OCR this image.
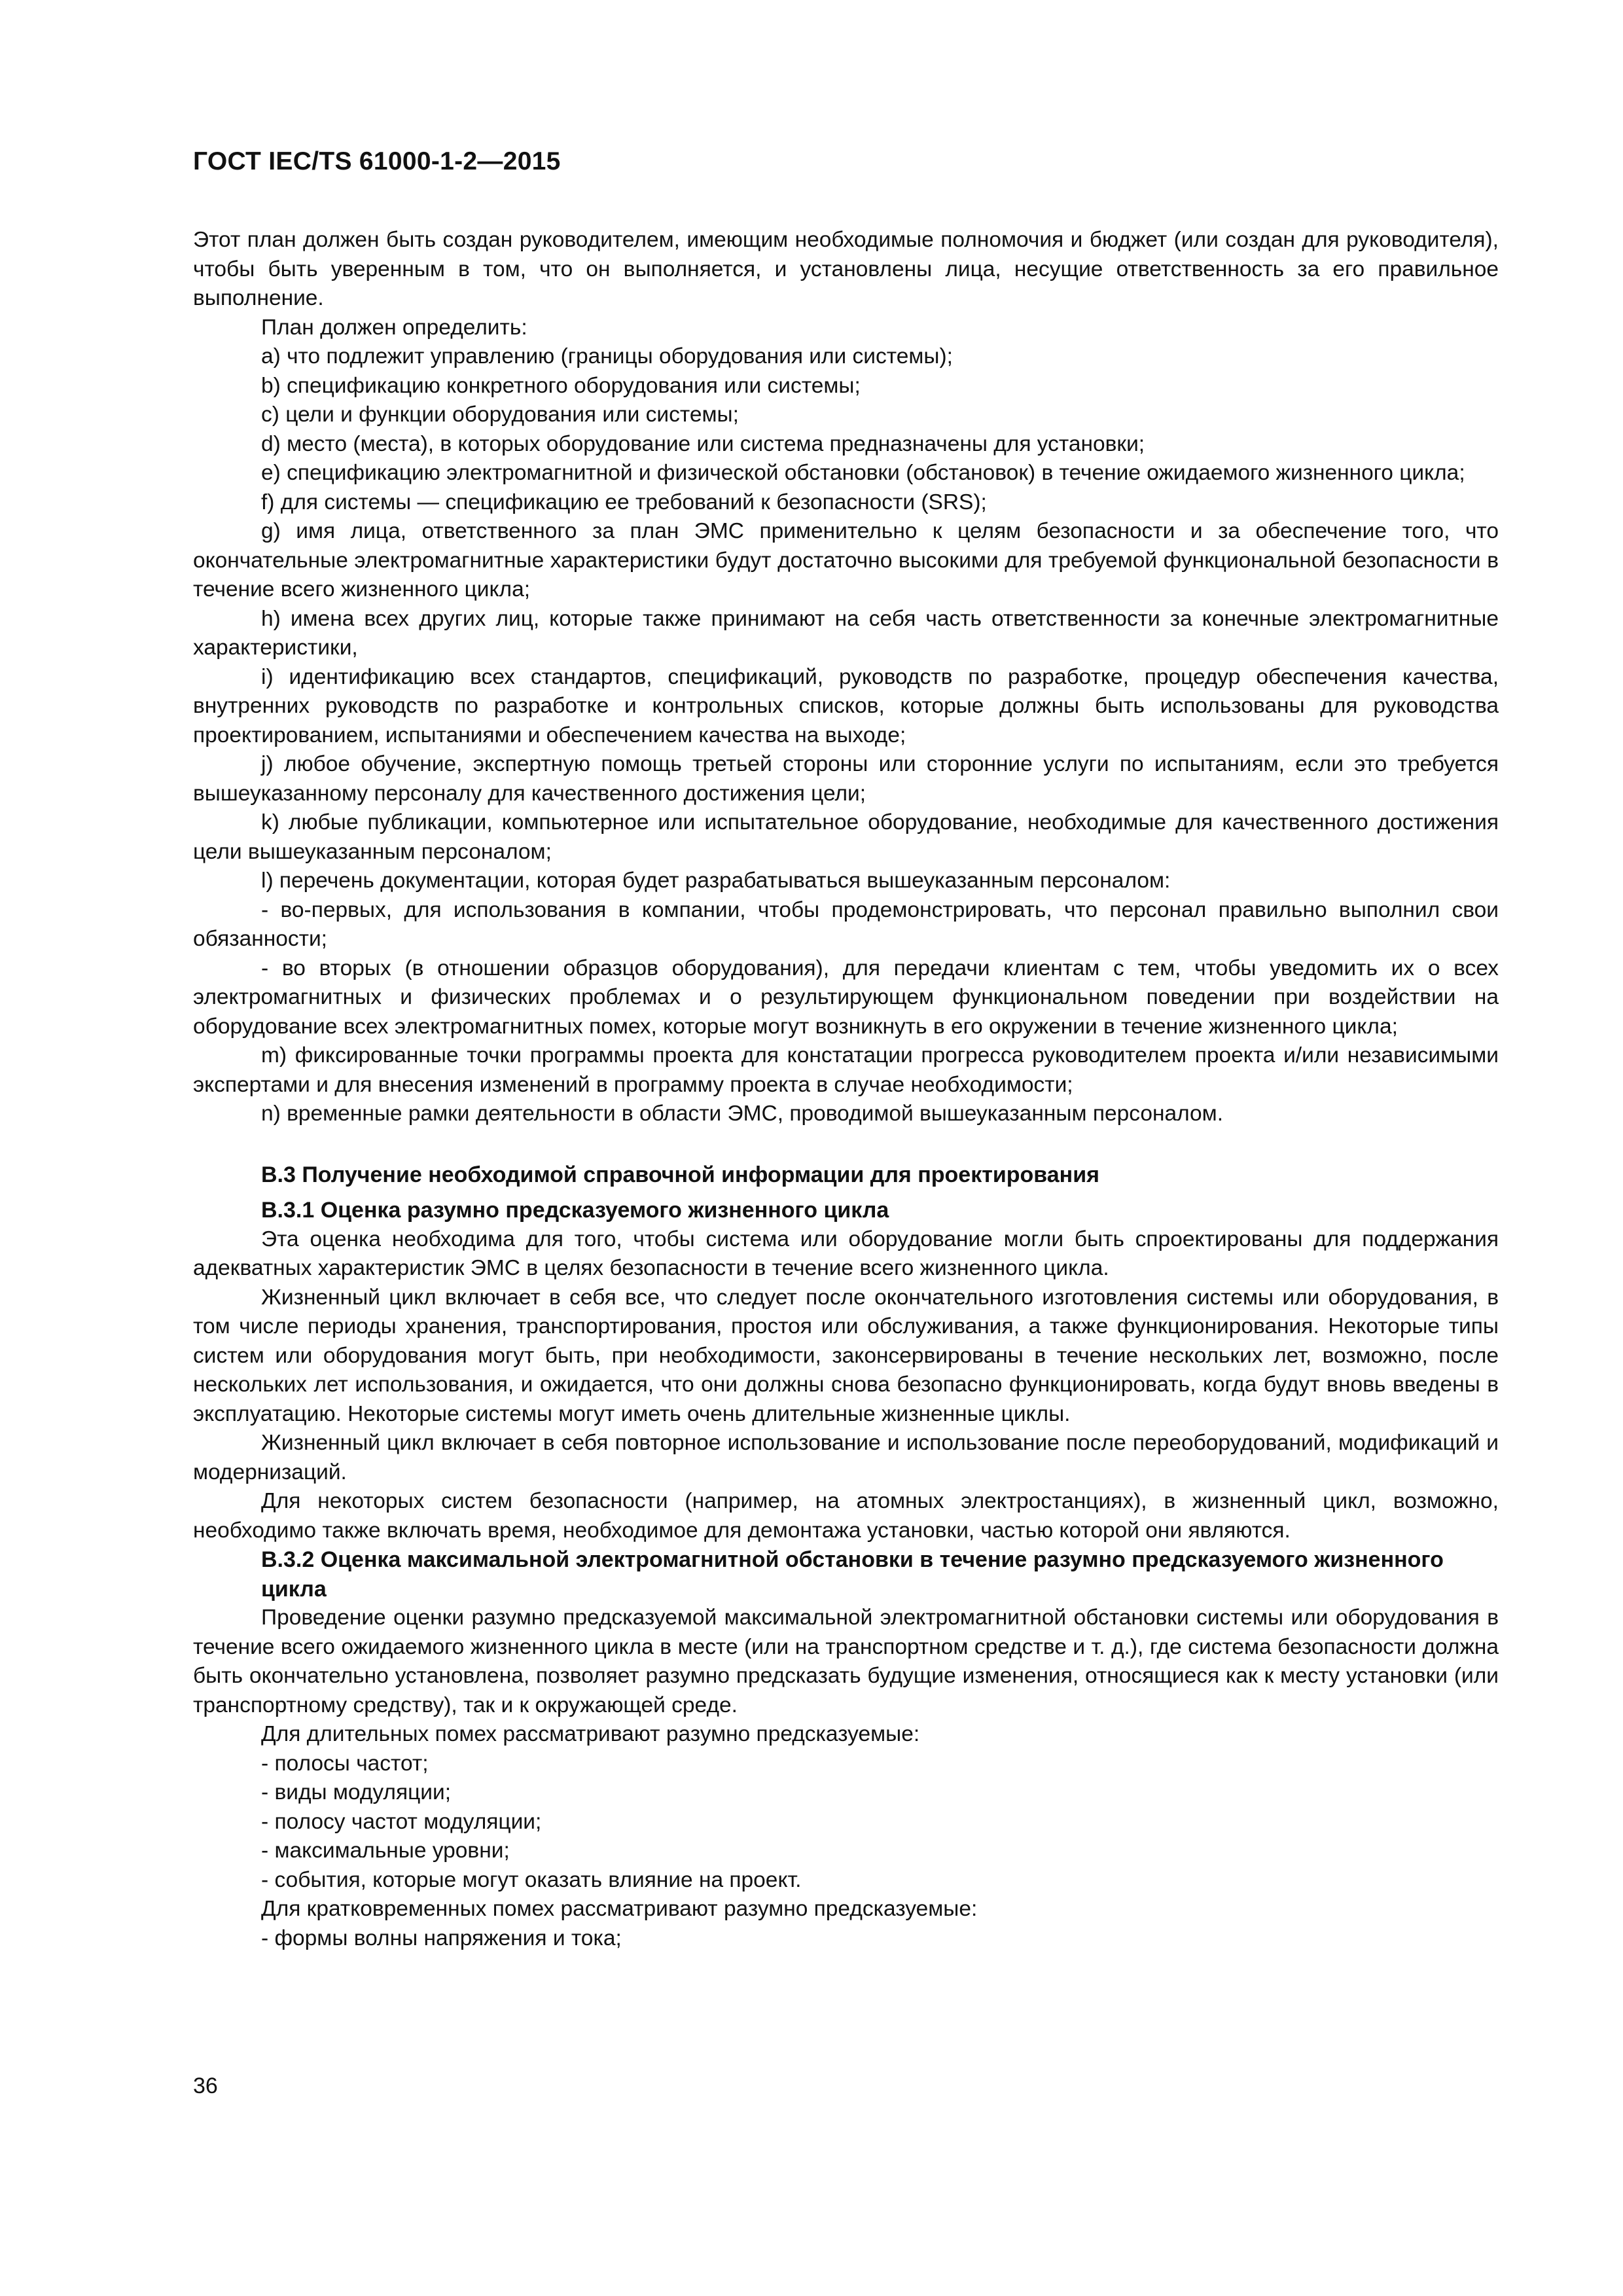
ГОСТ IEC/TS 61000-1-2—2015

Этот план должен быть создан руководителем, имеющим необходимые полномочия и бюджет (или создан для руководителя), чтобы быть уверенным в том, что он выполняется, и установлены лица, несущие ответственность за его правильное выполнение.

План должен определить:

а) что подлежит управлению (границы оборудования или системы);

b) спецификацию конкретного оборудования или системы;

c) цели и функции оборудования или системы;

d) место (места), в которых оборудование или система предназначены для установки;

е) спецификацию электромагнитной и физической обстановки (обстановок) в течение ожидаемого жизненного цикла;

f) для системы — спецификацию ее требований к безопасности (SRS);

g) имя лица, ответственного за план ЭМС применительно к целям безопасности и за обеспечение того, что окончательные электромагнитные характеристики будут достаточно высокими для требуемой функциональной безопасности в течение всего жизненного цикла;

h) имена всех других лиц, которые также принимают на себя часть ответственности за конечные электромагнитные характеристики,

i) идентификацию всех стандартов, спецификаций, руководств по разработке, процедур обеспечения качества, внутренних руководств по разработке и контрольных списков, которые должны быть использованы для руководства проектированием, испытаниями и обеспечением качества на выходе;

j) любое обучение, экспертную помощь третьей стороны или сторонние услуги по испытаниям, если это требуется вышеуказанному персоналу для качественного достижения цели;

k) любые публикации, компьютерное или испытательное оборудование, необходимые для качественного достижения цели вышеуказанным персоналом;

l) перечень документации, которая будет разрабатываться вышеуказанным персоналом:

- во-первых, для использования в компании, чтобы продемонстрировать, что персонал правильно выполнил свои обязанности;

- во вторых (в отношении образцов оборудования), для передачи клиентам с тем, чтобы уведомить их о всех электромагнитных и физических проблемах и о результирующем функциональном поведении при воздействии на оборудование всех электромагнитных помех, которые могут возникнуть в его окружении в течение жизненного цикла;

m) фиксированные точки программы проекта для констатации прогресса руководителем проекта и/или независимыми экспертами и для внесения изменений в программу проекта в случае необходимости;

n) временные рамки деятельности в области ЭМС, проводимой вышеуказанным персоналом.

В.3 Получение необходимой справочной информации для проектирования
В.3.1 Оценка разумно предсказуемого жизненного цикла

Эта оценка необходима для того, чтобы система или оборудование могли быть спроектированы для поддержания адекватных характеристик ЭМС в целях безопасности в течение всего жизненного цикла.

Жизненный цикл включает в себя все, что следует после окончательного изготовления системы или оборудования, в том числе периоды хранения, транспортирования, простоя или обслуживания, а также функционирования. Некоторые типы систем или оборудования могут быть, при необходимости, законсервированы в течение нескольких лет, возможно, после нескольких лет использования, и ожидается, что они должны снова безопасно функционировать, когда будут вновь введены в эксплуатацию. Некоторые системы могут иметь очень длительные жизненные циклы.

Жизненный цикл включает в себя повторное использование и использование после переоборудований, модификаций и модернизаций.

Для некоторых систем безопасности (например, на атомных электростанциях), в жизненный цикл, возможно, необходимо также включать время, необходимое для демонтажа установки, частью которой они являются.

В.3.2 Оценка максимальной электромагнитной обстановки в течение разумно предсказуемого жизненного цикла

Проведение оценки разумно предсказуемой максимальной электромагнитной обстановки системы или оборудования в течение всего ожидаемого жизненного цикла в месте (или на транспортном средстве и т. д.), где система безопасности должна быть окончательно установлена, позволяет разумно предсказать будущие изменения, относящиеся как к месту установки (или транспортному средству), так и к окружающей среде.

Для длительных помех рассматривают разумно предсказуемые:

- полосы частот;

- виды модуляции;

- полосу частот модуляции;

- максимальные уровни;

- события, которые могут оказать влияние на проект.

Для кратковременных помех рассматривают разумно предсказуемые:

- формы волны напряжения и тока;

36
